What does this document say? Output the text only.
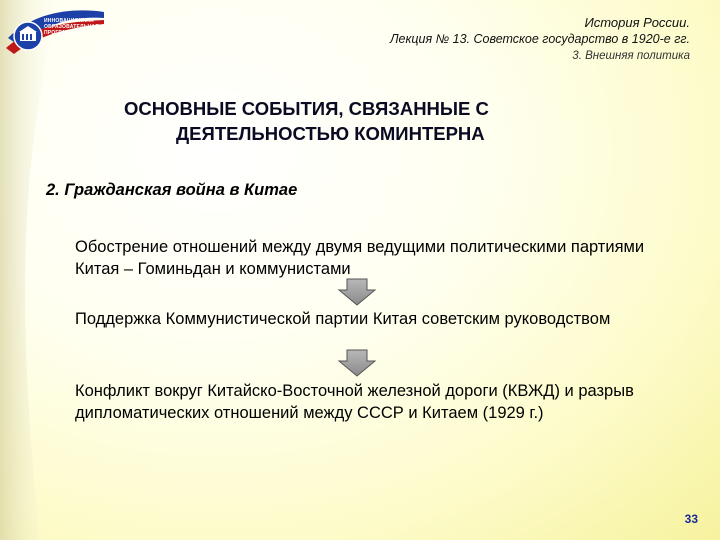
ИННОВАЦИОННАЯ
ОБРАЗОВАТЕЛЬНАЯ
ПРОГРАММА
История России.
Лекция № 13. Советское государство в 1920-е гг.
3. Внешняя политика
ОСНОВНЫЕ СОБЫТИЯ, СВЯЗАННЫЕ С
ДЕЯТЕЛЬНОСТЬЮ КОМИНТЕРНА
2. Гражданская война в Китае
Обострение отношений между двумя ведущими политическими партиями Китая – Гоминьдан и коммунистами
Поддержка Коммунистической партии Китая советским руководством
Конфликт вокруг Китайско-Восточной железной дороги (КВЖД) и разрыв дипломатических отношений между СССР и Китаем (1929 г.)
33
